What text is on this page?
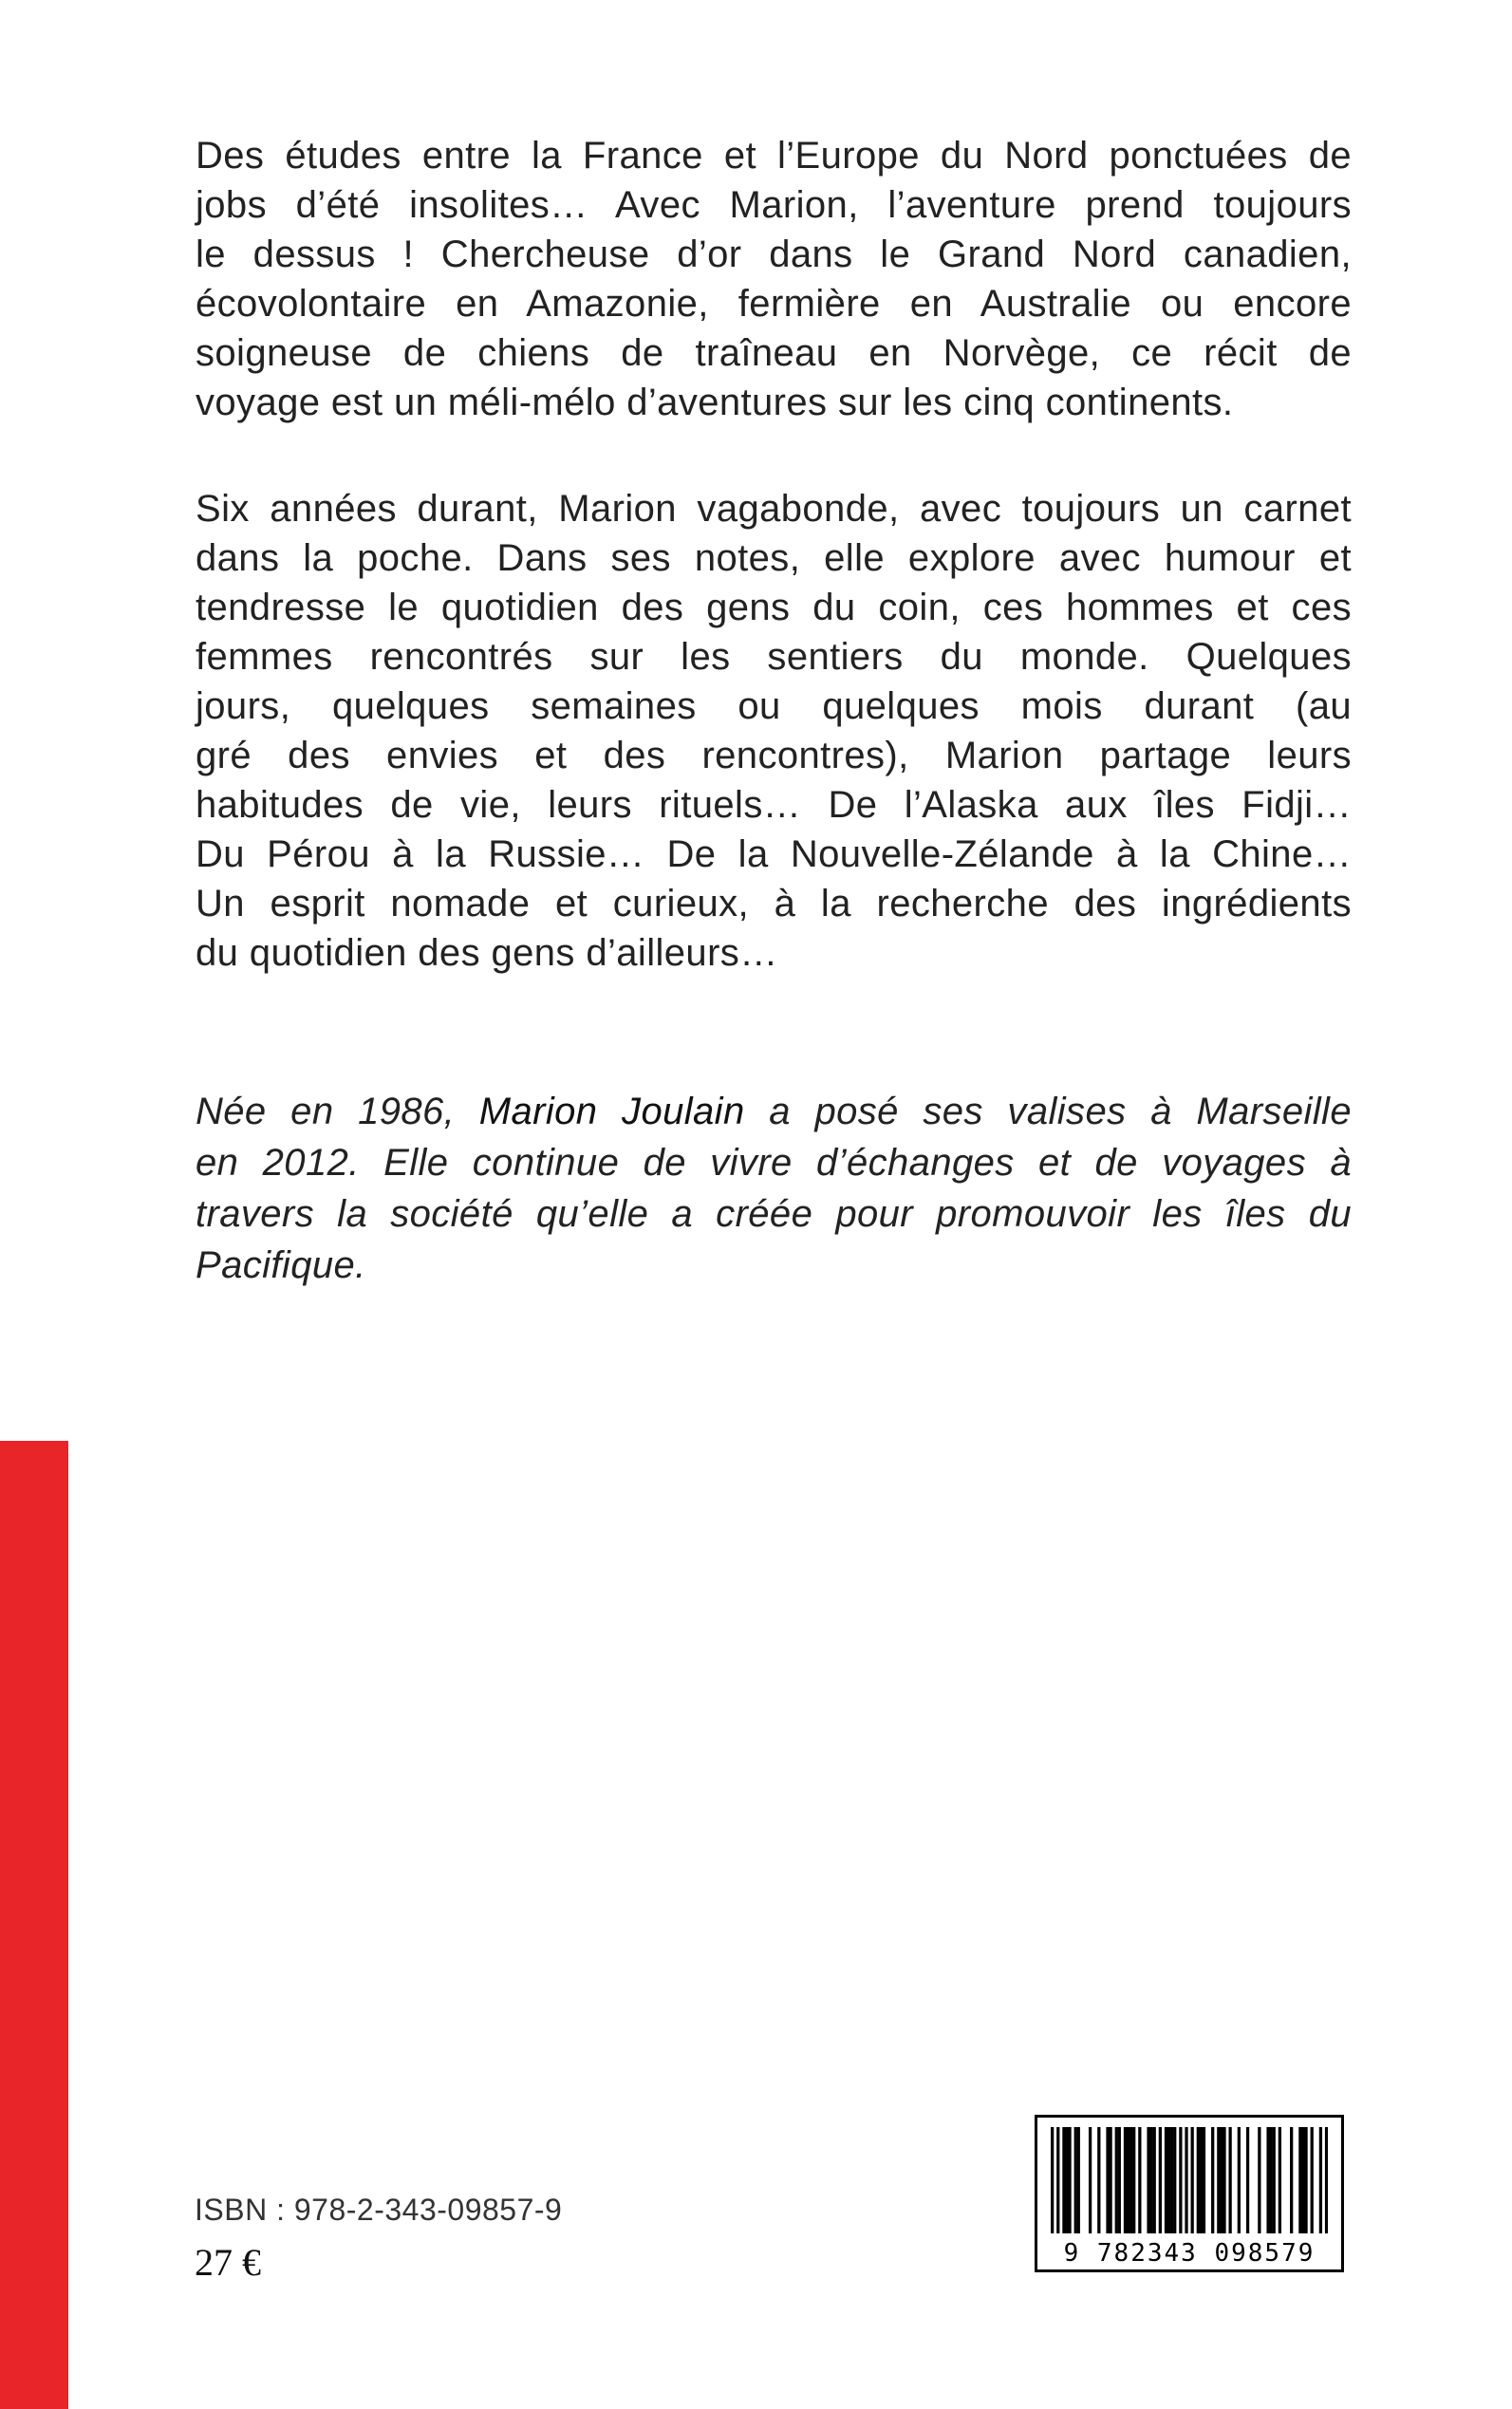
Des études entre la France et l’Europe du Nord ponctuées de
jobs d’été insolites… Avec Marion, l’aventure prend toujours
le dessus ! Chercheuse d’or dans le Grand Nord canadien,
écovolontaire en Amazonie, fermière en Australie ou encore
soigneuse de chiens de traîneau en Norvège, ce récit de
voyage est un méli-mélo d’aventures sur les cinq continents.
Six années durant, Marion vagabonde, avec toujours un carnet
dans la poche. Dans ses notes, elle explore avec humour et
tendresse le quotidien des gens du coin, ces hommes et ces
femmes rencontrés sur les sentiers du monde. Quelques
jours, quelques semaines ou quelques mois durant (au
gré des envies et des rencontres), Marion partage leurs
habitudes de vie, leurs rituels… De l’Alaska aux îles Fidji…
Du Pérou à la Russie… De la Nouvelle-Zélande à la Chine…
Un esprit nomade et curieux, à la recherche des ingrédients
du quotidien des gens d’ailleurs…
Née en 1986, Marion Joulain a posé ses valises à Marseille
en 2012. Elle continue de vivre d’échanges et de voyages à
travers la société qu’elle a créée pour promouvoir les îles du
Pacifique.

ISBN : 978-2-343-09857-9

27 €	9 782343 098579
